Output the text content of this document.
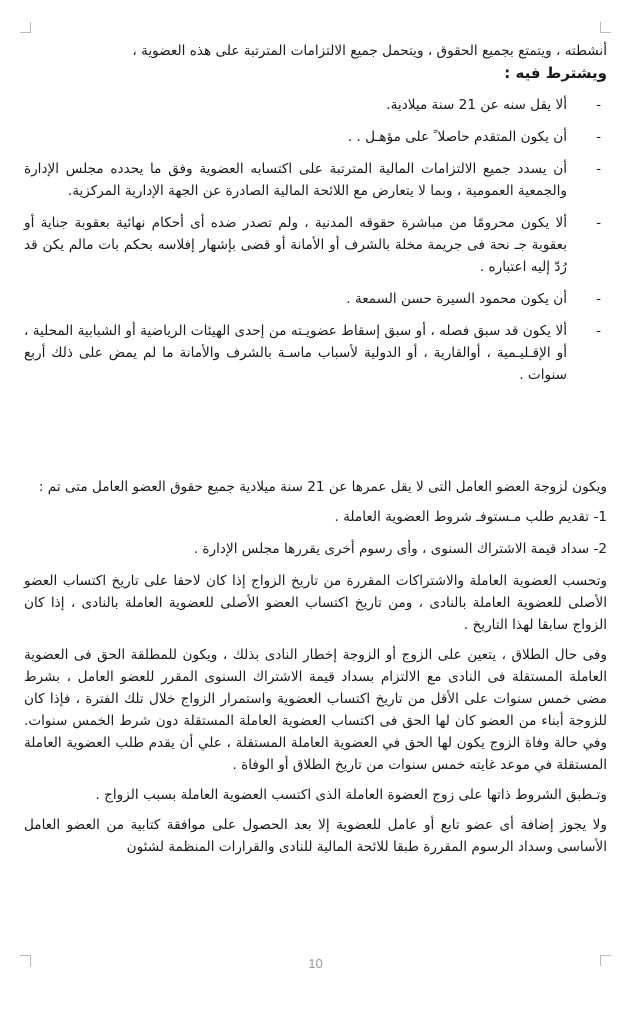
أنشطته ، ويتمتع بجميع الحقوق ، ويتحمل جميع الالتزامات المترتبة على هذه العضوية ،

ويشترط فيه :

-
ألا يقل سنه عن 21 سنة ميلادية.
-
أن يكون المتقدم حاصلا ً على مؤهـل . .
-
أن يسدد جميع الالتزامات المالية المترتبة على اكتسابه العضوية وفق ما يحدده مجلس الإدارة والجمعية العمومية ، وبما لا يتعارض مع اللائحة المالية الصادرة عن الجهة الإدارية المركزية.
-
ألا يكون محرومًا من مباشرة حقوقه المدنية ، ولم تصدر ضده أى أحكام نهائية بعقوبة جناية أو بعقوبة جـ نحة فى جريمة مخلة بالشرف أو الأمانة أو قضى بإشهار إفلاسه بحكم بات مالم يكن قد رُدّ إليه اعتباره .
-
أن يكون محمود السيرة حسن السمعة .
-
ألا يكون قد سبق فصله ، أو سبق إسقاط عضويـته من إحدى الهيئات الرياضية أو الشبابية المحلية ، أو الإقـليـمية ، أوالقارية ، أو الدولية لأسباب ماسـة بالشرف والأمانة ما لم يمض على ذلك أربع سنوات .

ويكون لزوجة العضو العامل التى لا يقل عمرها عن 21 سنة ميلادية جميع حقوق العضو العامل متى تم :

1- تقديم طلب مـستوفـ شروط العضوية العاملة .

2- سداد قيمة الاشتراك السنوى ، وأى رسوم أخرى يقررها مجلس الإدارة .

وتحسب العضوية العاملة والاشتراكات المقررة من تاريخ الزواج إذا كان لاحقا على تاريخ اكتساب العضو الأصلى للعضوية العاملة بالنادى ، ومن تاريخ اكتساب العضو الأصلى للعضوية العاملة بالنادى ، إذا كان الزواج سابقا لهذا التاريخ .

وفى حال الطلاق ، يتعين على الزوج أو الزوجة إخطار النادى بذلك ، ويكون للمطلقة الحق فى العضوية العاملة المستقلة فى النادى مع الالتزام بسداد قيمة الاشتراك السنوى المقرر للعضو العامل ، بشرط مضى خمس سنوات على الأقل من تاريخ اكتساب العضوية واستمرار الزواج خلال تلك الفترة ، فإذا كان للزوجة أبناء من العضو كان لها الحق فى اكتساب العضوية العاملة المستقلة دون شرط الخمس سنوات. وفي حالة وفاة الزوج يكون لها الحق في العضوية العاملة المستقلة ، علي أن يقدم طلب العضوية العاملة المستقلة في موعد غايته خمس سنوات من تاريخ الطلاق أو الوفاة .

وتـطبق الشروط ذاتها على زوج العضوة العاملة الذى اكتسب العضوية العاملة بسبب الزواج .

ولا يجوز إضافة أى عضو تابع أو عامل للعضوية إلا بعد الحصول على موافقة كتابية من العضو العامل الأساسى وسداد الرسوم المقررة طبقا للائحة المالية للنادى والقرارات المنظمة لشئون

10
